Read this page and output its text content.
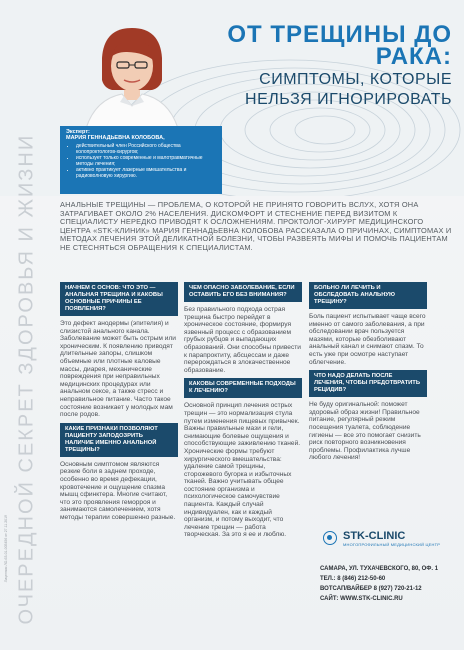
ОТ ТРЕЩИНЫ ДО РАКА:
СИМПТОМЫ, КОТОРЫЕ
НЕЛЬЗЯ ИГНОРИРОВАТЬ
Эксперт:
МАРИЯ ГЕННАДЬЕВНА КОЛОБОВА,
• действительный член Российского общества колопроктологов-хирургов;
• использует только современные и малотравматичные методы лечения;
• активно практикует лазерные вмешательства и радиоволновую хирургию.
ОЧЕРЕДНОЙ СЕКРЕТ ЗДОРОВЬЯ И ЖИЗНИ	АНАЛЬНЫЕ ТРЕЩИНЫ — ПРОБЛЕМА, О КОТОРОЙ НЕ ПРИНЯТО ГОВОРИТЬ ВСЛУХ, ХОТЯ ОНА ЗАТРАГИВАЕТ ОКОЛО 2% НАСЕЛЕНИЯ. ДИСКОМФОРТ И СТЕСНЕНИЕ ПЕРЕД ВИЗИТОМ К СПЕЦИАЛИСТУ НЕРЕДКО ПРИВОДЯТ К ОСЛОЖНЕНИЯМ. ПРОКТОЛОГ-ХИРУРГ МЕДИЦИНСКОГО ЦЕНТРА «STK-КЛИНИК» МАРИЯ ГЕННАДЬЕВНА КОЛОБОВА РАССКАЗАЛА О ПРИЧИНАХ, СИМПТОМАХ И МЕТОДАХ ЛЕЧЕНИЯ ЭТОЙ ДЕЛИКАТНОЙ БОЛЕЗНИ, ЧТОБЫ РАЗВЕЯТЬ МИФЫ И ПОМОЧЬ ПАЦИЕНТАМ НЕ СТЕСНЯТЬСЯ ОБРАЩЕНИЯ К СПЕЦИАЛИСТАМ.
НАЧНЕМ С ОСНОВ: ЧТО ЭТО — АНАЛЬНАЯ ТРЕЩИНА И КАКОВЫ ОСНОВНЫЕ ПРИЧИНЫ ЕЕ ПОЯВЛЕНИЯ?

Это дефект анодермы (эпителия) и слизистой анального канала. Заболевание может быть острым или хроническим. К появлению приводят длительные запоры, слишком объемные или плотные каловые массы, диарея, механические повреждения при неправильных медицинских процедурах или анальном сексе, а также стресс и неправильное питание. Часто такое состояние возникает у молодых мам после родов.

КАКИЕ ПРИЗНАКИ ПОЗВОЛЯЮТ ПАЦИЕНТУ ЗАПОДОЗРИТЬ НАЛИЧИЕ ИМЕННО АНАЛЬНОЙ ТРЕЩИНЫ?

Основным симптомом являются резкие боли в заднем проходе, особенно во время дефекации, кровотечение и ощущение спазма мышц сфинктера. Многие считают, что это проявления геморроя и занимаются самолечением, хотя методы терапии совершенно разные.

ЧЕМ ОПАСНО ЗАБОЛЕВАНИЕ, ЕСЛИ ОСТАВИТЬ ЕГО БЕЗ ВНИМАНИЯ?

Без правильного подхода острая трещина быстро перейдет в хроническое состояние, формируя язвенный процесс с образованием грубых рубцов и выпадающих образований. Они способны привести к парапроктиту, абсцессам и даже перерождаться в злокачественное образование.

КАКОВЫ СОВРЕМЕННЫЕ ПОДХОДЫ К ЛЕЧЕНИЮ?

Основной принцип лечения острых трещин — это нормализация стула путем изменения пищевых привычек. Важны правильные мази и гели, снимающие болевые ощущения и способствующие заживлению тканей. Хронические формы требуют хирургического вмешательства: удаление самой трещины, сторожевого бугорка и избыточных тканей. Важно учитывать общее состояние организма и психологическое самочувствие пациента. Каждый случай индивидуален, как и каждый организм, и потому выходит, что лечение трещин — работа творческая. За это я ее и люблю.

БОЛЬНО ЛИ ЛЕЧИТЬ И ОБСЛЕДОВАТЬ АНАЛЬНУЮ ТРЕЩИНУ?

Боль пациент испытывает чаще всего именно от самого заболевания, а при обследовании врач пользуется мазями, которые обезболивают анальный канал и снимают спазм. То есть уже при осмотре наступает облегчение.

ЧТО НАДО ДЕЛАТЬ ПОСЛЕ ЛЕЧЕНИЯ, ЧТОБЫ ПРЕДОТВРАТИТЬ РЕЦИДИВ?

Не буду оригинальной: поможет здоровый образ жизни! Правильное питание, регулярный режим посещения туалета, соблюдение гигиены — все это помогает снизить риск повторного возникновения проблемы. Профилактика лучше любого лечения!

STK-CLINIC
МНОГОПРОФИЛЬНЫЙ МЕДИЦИНСКИЙ ЦЕНТР
САМАРА, УЛ. ТУХАЧЕВСКОГО, 80, ОФ. 1
ТЕЛ.: 8 (846) 212-50-60
ВОТСАП/ВАЙБЕР 8 (927) 720-21-12
САЙТ: WWW.STK-CLINIC.RU
Лицензия ЛО-63-01-005456 от 27.11.2019
